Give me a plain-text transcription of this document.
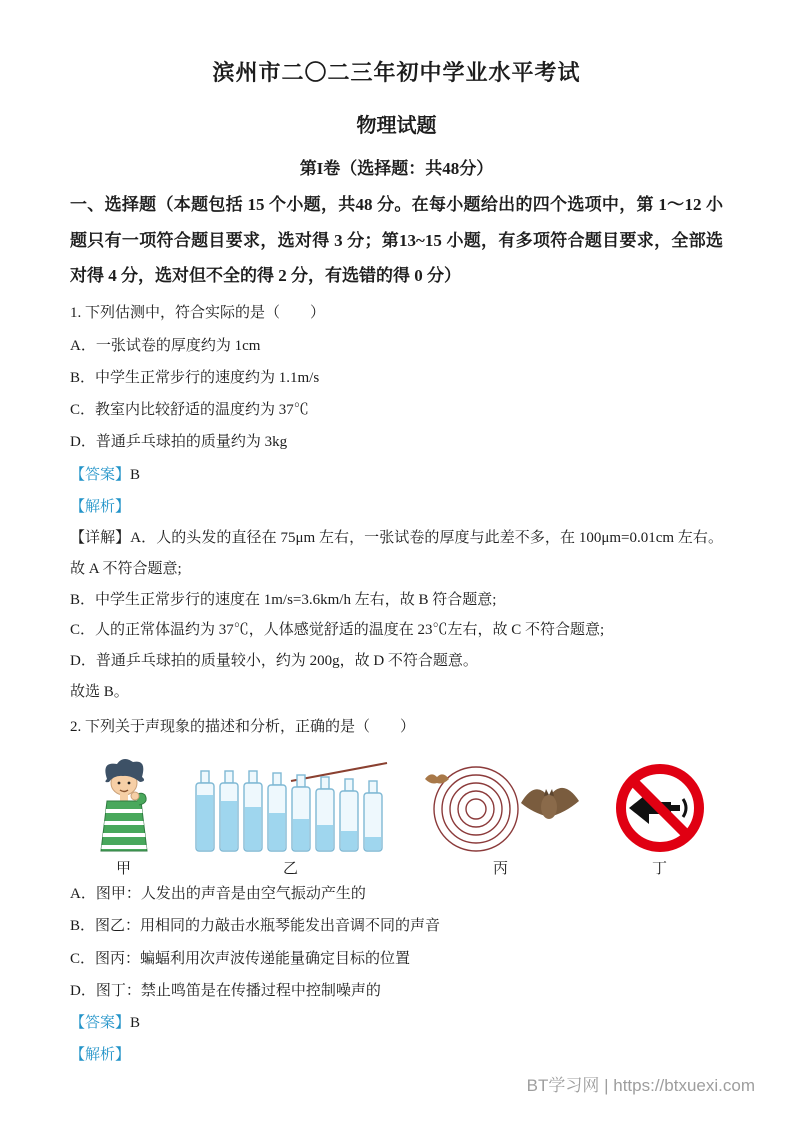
滨州市二〇二三年初中学业水平考试
物理试题
第I卷（选择题：共48分）
一、选择题（本题包括 15 个小题，共48 分。在每小题给出的四个选项中，第 1～12 小题只有一项符合题目要求，选对得 3 分；第13~15 小题，有多项符合题目要求，全部选对得 4 分，选对但不全的得 2 分，有选错的得 0 分）
1. 下列估测中，符合实际的是（　　）
A．一张试卷的厚度约为 1cm
B．中学生正常步行的速度约为 1.1m/s
C．教室内比较舒适的温度约为 37℃
D．普通乒乓球拍的质量约为 3kg
【答案】B
【解析】
【详解】A．人的头发的直径在 75μm 左右，一张试卷的厚度与此差不多，在 100μm=0.01cm 左右。故 A 不符合题意;
B．中学生正常步行的速度在 1m/s=3.6km/h 左右，故 B 符合题意;
C．人的正常体温约为 37℃，人体感觉舒适的温度在 23℃左右，故 C 不符合题意;
D．普通乒乓球拍的质量较小，约为 200g，故 D 不符合题意。
故选 B。
2. 下列关于声现象的描述和分析，正确的是（　　）
甲	乙	丙	丁
A．图甲：人发出的声音是由空气振动产生的
B．图乙：用相同的力敲击水瓶琴能发出音调不同的声音
C．图丙：蝙蝠利用次声波传递能量确定目标的位置
D．图丁：禁止鸣笛是在传播过程中控制噪声的
【答案】B
【解析】
BT学习网 | https://btxuexi.com
